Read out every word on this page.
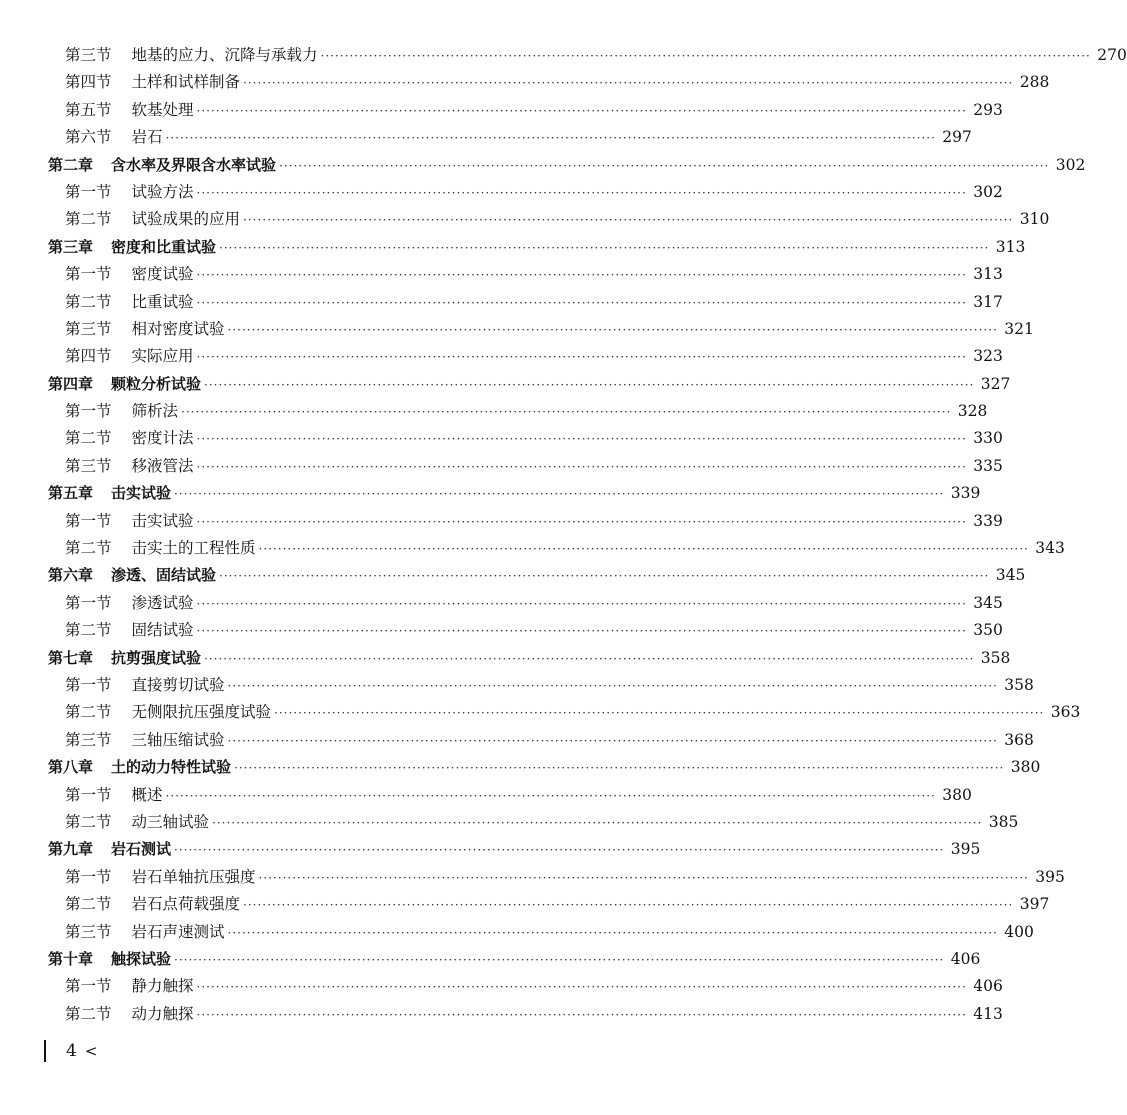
第三节 地基的应力、沉降与承载力 ································································································································································ 270
第四节 土样和试样制备 ································································································································································ 288
第五节 软基处理 ································································································································································ 293
第六节 岩石 ································································································································································ 297
第二章 含水率及界限含水率试验 ································································································································································ 302
第一节 试验方法 ································································································································································ 302
第二节 试验成果的应用 ································································································································································ 310
第三章 密度和比重试验 ································································································································································ 313
第一节 密度试验 ································································································································································ 313
第二节 比重试验 ································································································································································ 317
第三节 相对密度试验 ································································································································································ 321
第四节 实际应用 ································································································································································ 323
第四章 颗粒分析试验 ································································································································································ 327
第一节 筛析法 ································································································································································ 328
第二节 密度计法 ································································································································································ 330
第三节 移液管法 ································································································································································ 335
第五章 击实试验 ································································································································································ 339
第一节 击实试验 ································································································································································ 339
第二节 击实土的工程性质 ································································································································································ 343
第六章 渗透、固结试验 ································································································································································ 345
第一节 渗透试验 ································································································································································ 345
第二节 固结试验 ································································································································································ 350
第七章 抗剪强度试验 ································································································································································ 358
第一节 直接剪切试验 ································································································································································ 358
第二节 无侧限抗压强度试验 ································································································································································ 363
第三节 三轴压缩试验 ································································································································································ 368
第八章 土的动力特性试验 ································································································································································ 380
第一节 概述 ································································································································································ 380
第二节 动三轴试验 ································································································································································ 385
第九章 岩石测试 ································································································································································ 395
第一节 岩石单轴抗压强度 ································································································································································ 395
第二节 岩石点荷载强度 ································································································································································ 397
第三节 岩石声速测试 ································································································································································ 400
第十章 触探试验 ································································································································································ 406
第一节 静力触探 ································································································································································ 406
第二节 动力触探 ································································································································································ 413
4 <
